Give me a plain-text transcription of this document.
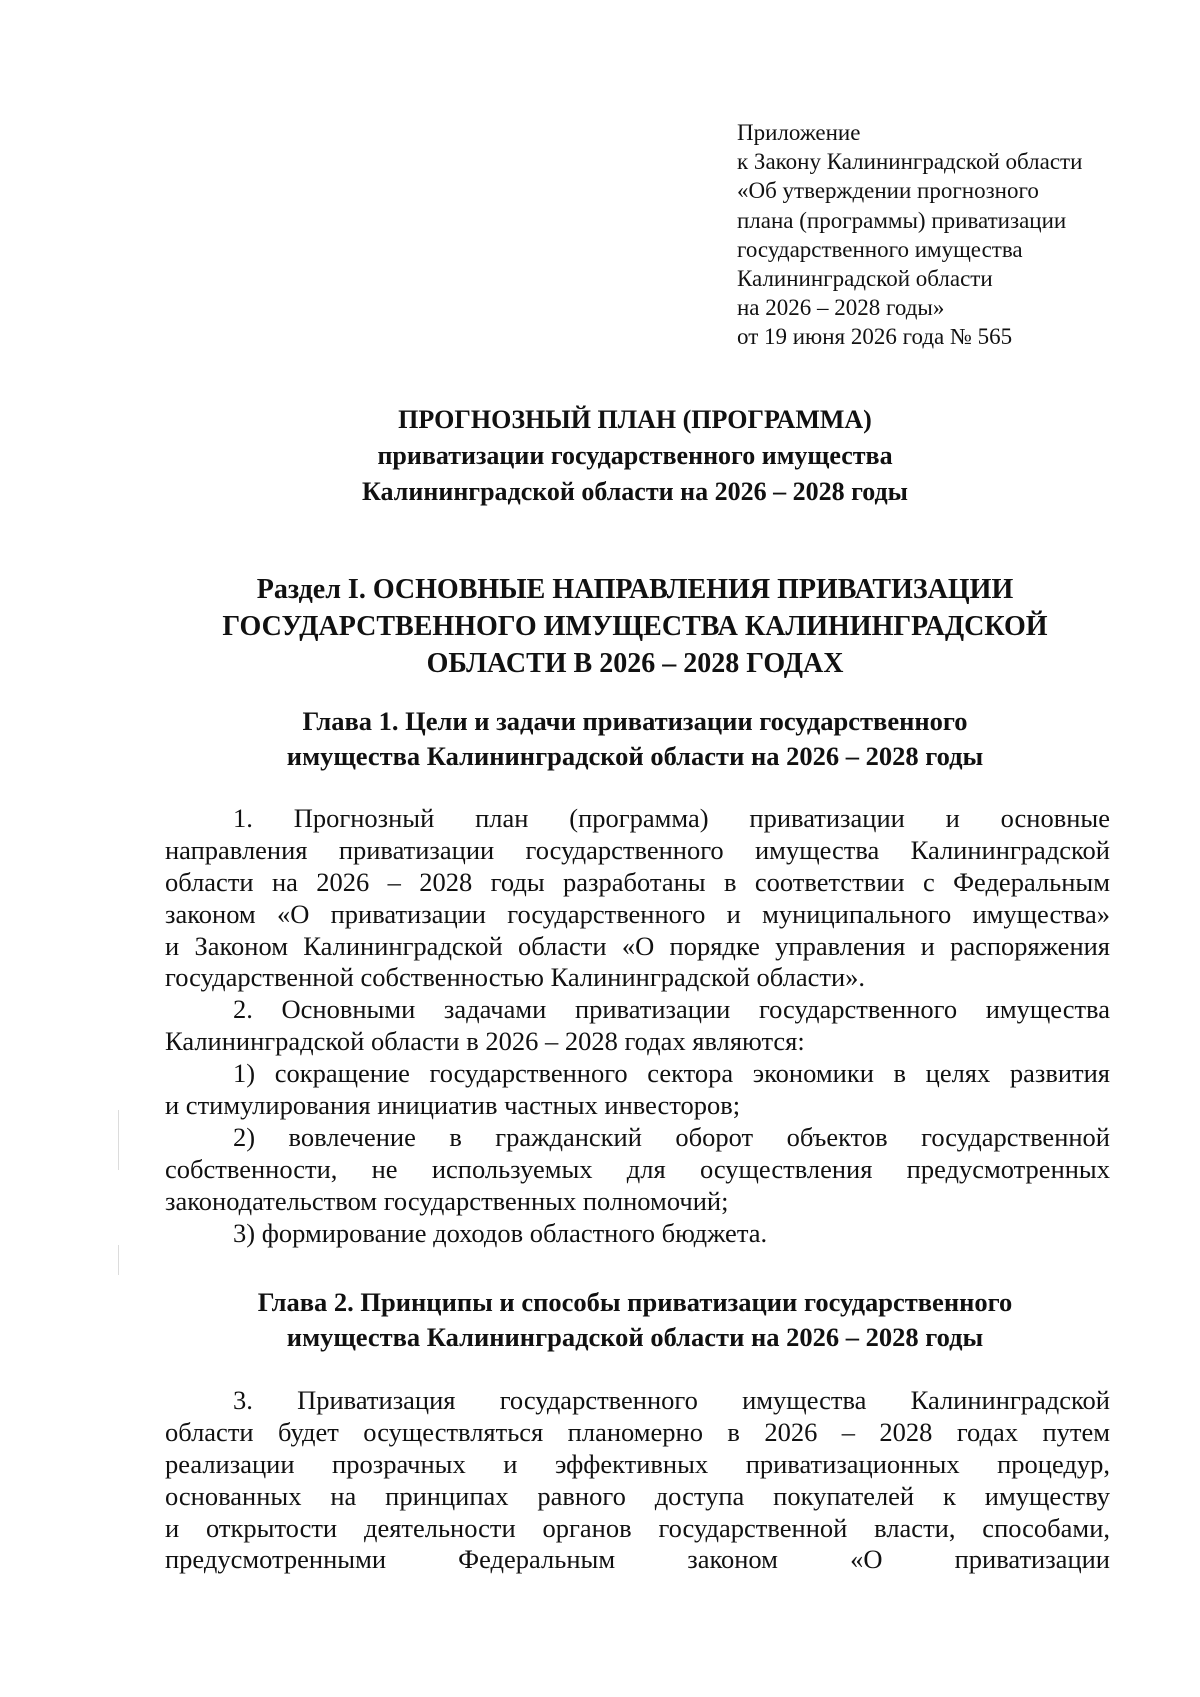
Приложение
к Закону Калининградской области
«Об утверждении прогнозного
плана (программы) приватизации
государственного имущества
Калининградской области
на 2026 – 2028 годы»
от 19 июня 2026 года № 565
ПРОГНОЗНЫЙ ПЛАН (ПРОГРАММА)
приватизации государственного имущества
Калининградской области на 2026 – 2028 годы
Раздел I. ОСНОВНЫЕ НАПРАВЛЕНИЯ ПРИВАТИЗАЦИИ
ГОСУДАРСТВЕННОГО ИМУЩЕСТВА КАЛИНИНГРАДСКОЙ
ОБЛАСТИ В 2026 – 2028 ГОДАХ
Глава 1. Цели и задачи приватизации государственного
имущества Калининградской области на 2026 – 2028 годы
1. Прогнозный план (программа) приватизации и основные
направления приватизации государственного имущества Калининградской
области на 2026 – 2028 годы разработаны в соответствии с Федеральным
законом «О приватизации государственного и муниципального имущества»
и Законом Калининградской области «О порядке управления и распоряжения
государственной собственностью Калининградской области».
2. Основными задачами приватизации государственного имущества
Калининградской области в 2026 – 2028 годах являются:
1) сокращение государственного сектора экономики в целях развития
и стимулирования инициатив частных инвесторов;
2) вовлечение в гражданский оборот объектов государственной
собственности, не используемых для осуществления предусмотренных
законодательством государственных полномочий;
3) формирование доходов областного бюджета.
Глава 2. Принципы и способы приватизации государственного
имущества Калининградской области на 2026 – 2028 годы
3. Приватизация государственного имущества Калининградской
области будет осуществляться планомерно в 2026 – 2028 годах путем
реализации прозрачных и эффективных приватизационных процедур,
основанных на принципах равного доступа покупателей к имуществу
и открытости деятельности органов государственной власти, способами,
предусмотренными Федеральным законом «О приватизации
